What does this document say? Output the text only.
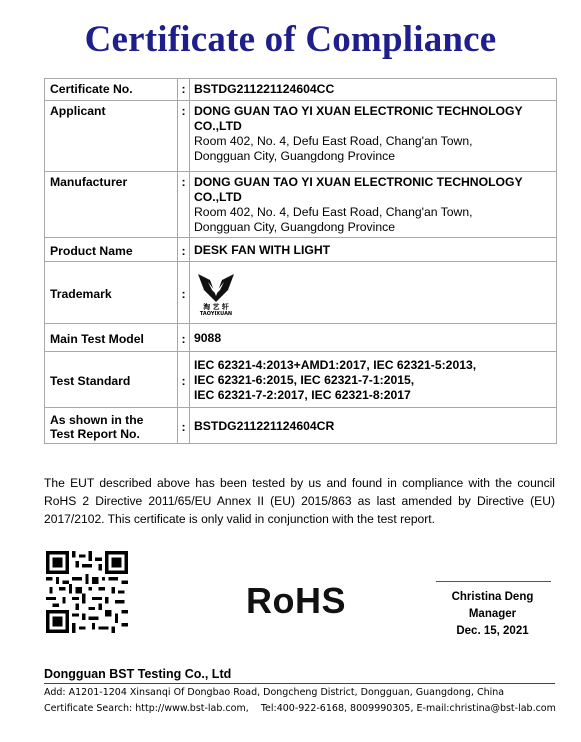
Certificate of Compliance
Certificate No.	:	BSTDG211221124604CC
Applicant	:	DONG GUAN TAO YI XUAN ELECTRONIC TECHNOLOGY CO.,LTD
Room 402, No. 4, Defu East Road, Chang'an Town,
Dongguan City, Guangdong Province

Manufacturer	:	DONG GUAN TAO YI XUAN ELECTRONIC TECHNOLOGY CO.,LTD
Room 402, No. 4, Defu East Road, Chang'an Town,
Dongguan City, Guangdong Province

Product Name	:	DESK FAN WITH LIGHT
Trademark	:	淘 艺 轩
TAOYIXUAN

Main Test Model	:	9088
Test Standard	:	IEC 62321-4:2013+AMD1:2017, IEC 62321-5:2013,
IEC 62321-6:2015, IEC 62321-7-1:2015,
IEC 62321-7-2:2017, IEC 62321-8:2017

As shown in the
Test Report No.	:	BSTDG211221124604CR
The EUT described above has been tested by us and found in compliance with the council RoHS 2 Directive 2011/65/EU Annex II (EU) 2015/863 as last amended by Directive (EU) 2017/2102. This certificate is only valid in conjunction with the test report.
RoHS	Christina Deng
Manager
Dec. 15, 2021
Dongguan BST Testing Co., Ltd
Add: A1201-1204 Xinsanqi Of Dongbao Road, Dongcheng District, Dongguan, Guangdong, China
Certificate Search: http://www.bst-lab.com,    Tel:400-922-6168, 8009990305, E-mail:christina@bst-lab.com
